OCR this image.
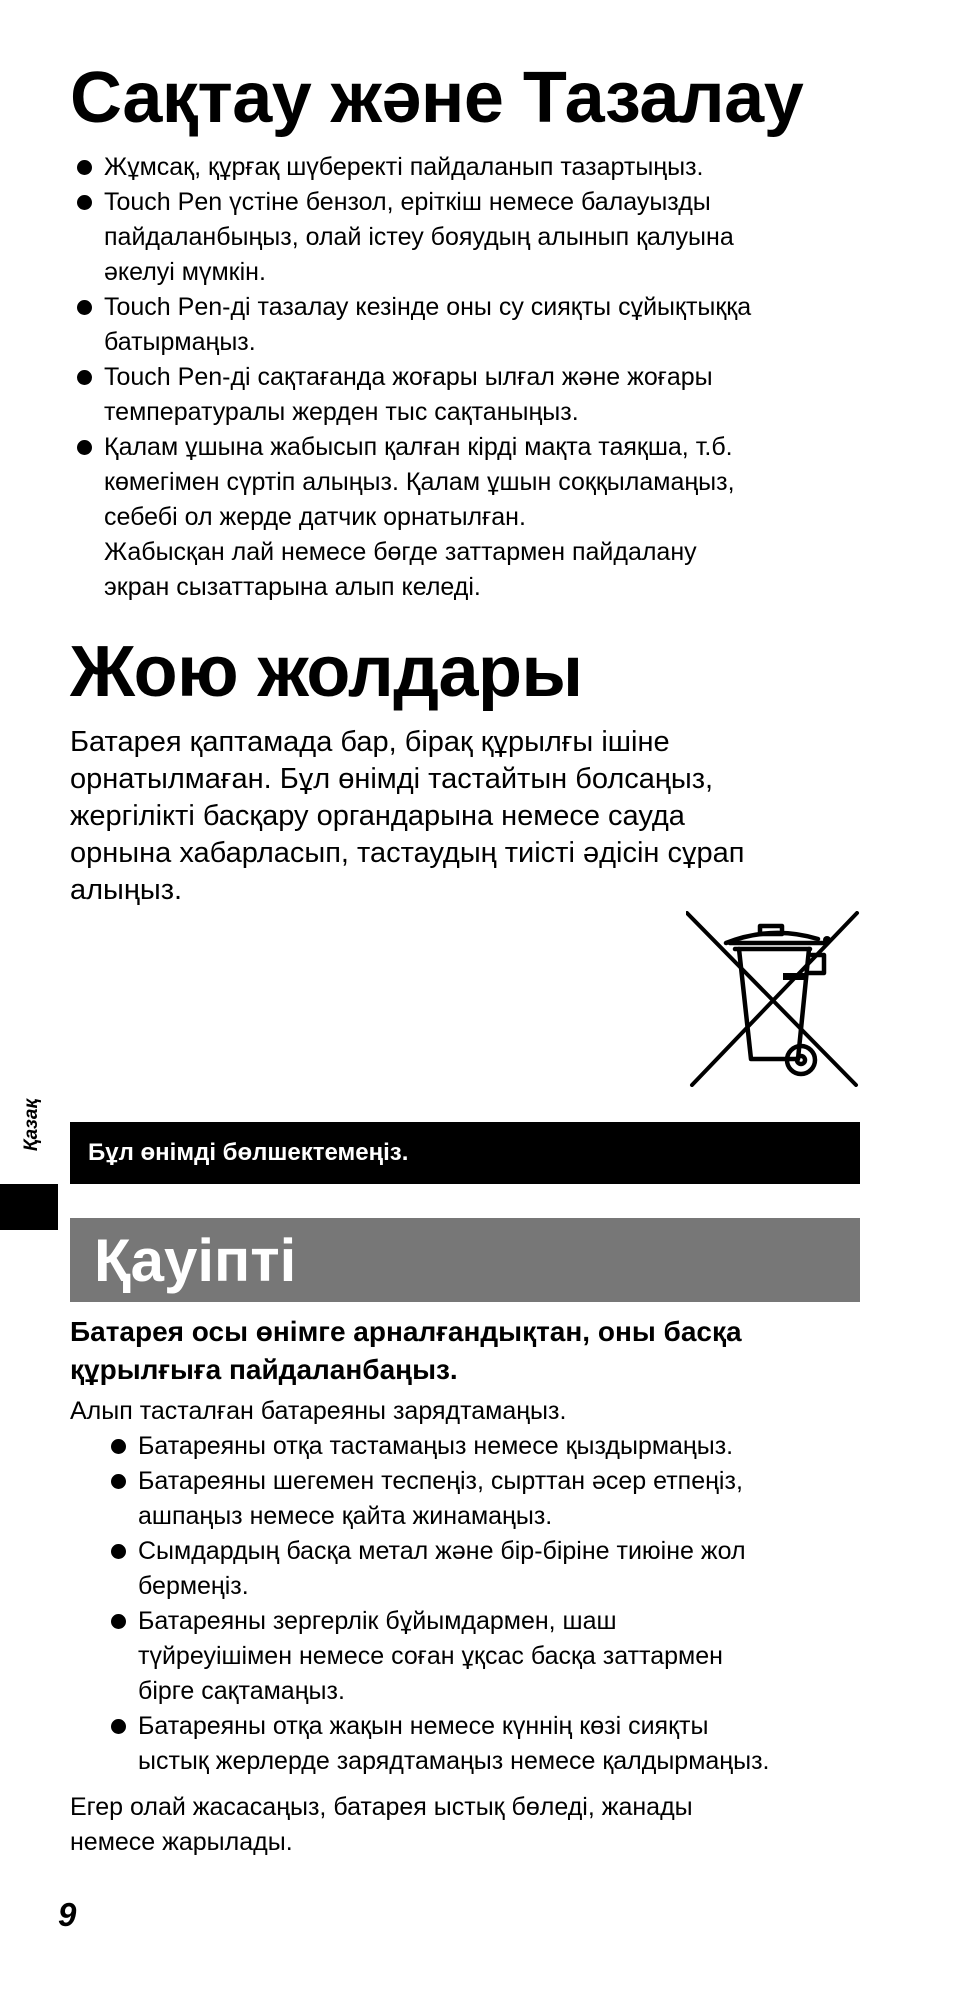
Сақтау және Тазалау
Жұмсақ, құрғақ шүберекті пайдаланып тазартыңыз.
Touch Pen үстіне бензол, еріткіш немесе балауызды
пайдаланбыңыз, олай істеу бояудың алынып қалуына
әкелуі мүмкін.
Touch Pen-ді тазалау кезінде оны су сияқты сұйықтыққа
батырмаңыз.
Touch Pen-ді сақтағанда жоғары ылғал және жоғары
температуралы жерден тыс сақтаныңыз.
Қалам ұшына жабысып қалған кірді мақта таяқша, т.б.
көмегімен сүртіп алыңыз. Қалам ұшын соққыламаңыз,
себебі ол жерде датчик орнатылған.
Жабысқан лай немесе бөгде заттармен пайдалану
экран сызаттарына алып келеді.
Жою жолдары
Батарея қаптамада бар, бірақ құрылғы ішіне
орнатылмаған. Бұл өнімді тастайтын болсаңыз,
жергілікті басқару органдарына немесе сауда
орнына хабарласып, тастаудың тиісті әдісін сұрап
алыңыз.
Қазақ
Бұл өнімді бөлшектемеңіз.
Қауіпті
Батарея осы өнімге арналғандықтан, оны басқа
құрылғыға пайдаланбаңыз.
Алып тасталған батареяны зарядтамаңыз.
Батареяны отқа тастамаңыз немесе қыздырмаңыз.
Батареяны шегемен теспеңіз, сырттан әсер етпеңіз,
ашпаңыз немесе қайта жинамаңыз.
Сымдардың басқа метал және бір-біріне тиюіне жол
бермеңіз.
Батареяны зергерлік бұйымдармен, шаш
түйреуішімен немесе соған ұқсас басқа заттармен
бірге сақтамаңыз.
Батареяны отқа жақын немесе күннің көзі сияқты
ыстық жерлерде зарядтамаңыз немесе қалдырмаңыз.
Егер олай жасасаңыз, батарея ыстық бөледі, жанады
немесе жарылады.
9
